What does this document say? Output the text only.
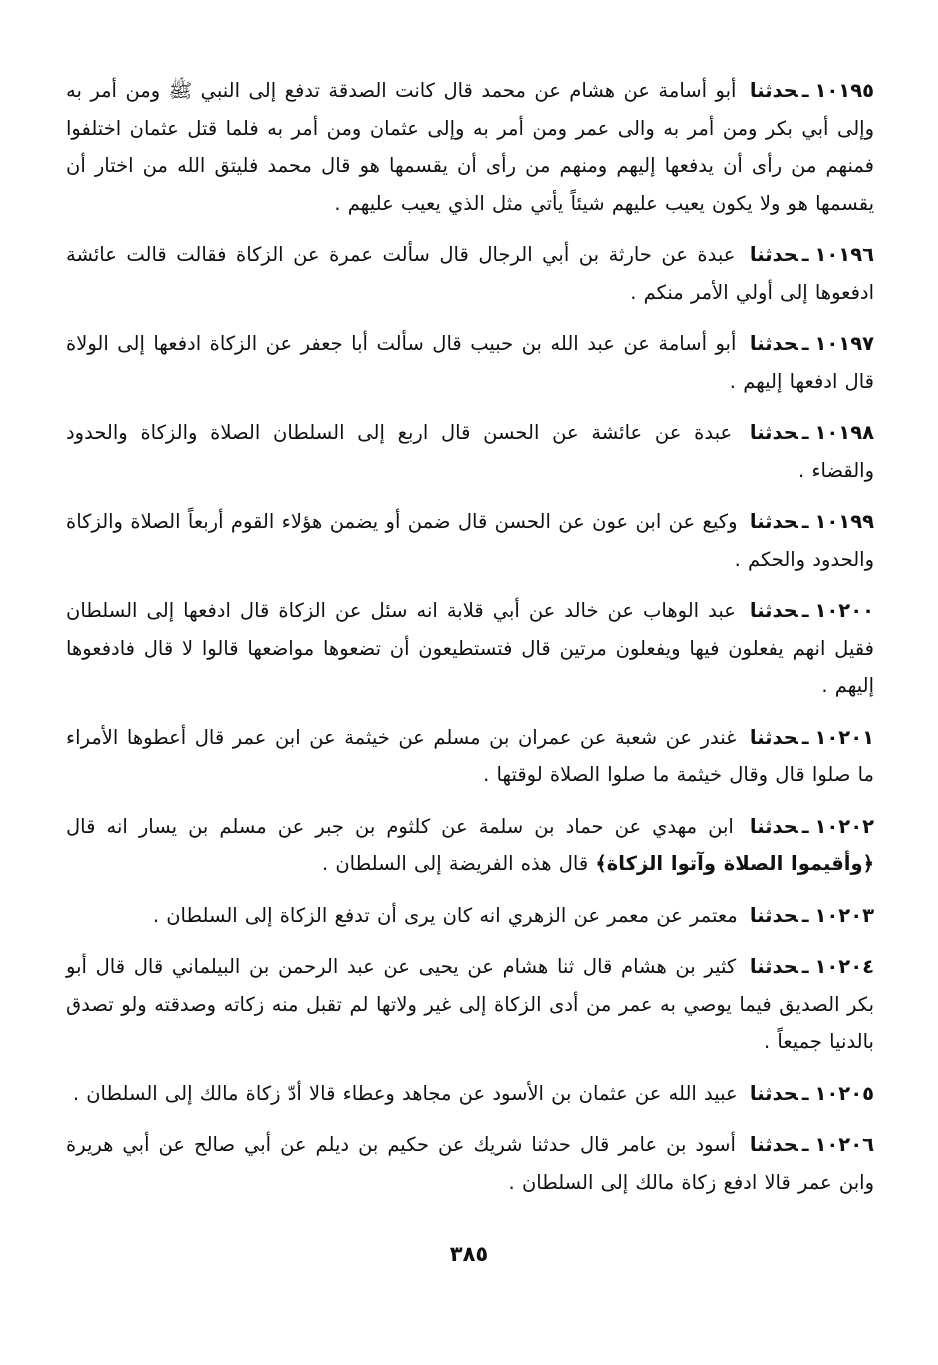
١٠١٩٥ـحدثنا أبو أسامة عن هشام عن محمد قال كانت الصدقة تدفع إلى النبي ﷺ ومن أمر به وإلى أبي بكر ومن أمر به والى عمر ومن أمر به وإلى عثمان ومن أمر به فلما قتل عثمان اختلفوا فمنهم من رأى أن يدفعها إليهم ومنهم من رأى أن يقسمها هو قال محمد فليتق الله من اختار أن يقسمها هو ولا يكون يعيب عليهم شيئاً يأتي مثل الذي يعيب عليهم .

١٠١٩٦ـحدثنا عبدة عن حارثة بن أبي الرجال قال سألت عمرة عن الزكاة فقالت قالت عائشة ادفعوها إلى أولي الأمر منكم .

١٠١٩٧ـحدثنا أبو أسامة عن عبد الله بن حبيب قال سألت أبا جعفر عن الزكاة ادفعها إلى الولاة قال ادفعها إليهم .

١٠١٩٨ـحدثنا عبدة عن عائشة عن الحسن قال اربع إلى السلطان الصلاة والزكاة والحدود والقضاء .

١٠١٩٩ـحدثنا وكيع عن ابن عون عن الحسن قال ضمن أو يضمن هؤلاء القوم أربعاً الصلاة والزكاة والحدود والحكم .

١٠٢٠٠ـحدثنا عبد الوهاب عن خالد عن أبي قلابة انه سئل عن الزكاة قال ادفعها إلى السلطان فقيل انهم يفعلون فيها ويفعلون مرتين قال فتستطيعون أن تضعوها مواضعها قالوا لا قال فادفعوها إليهم .

١٠٢٠١ـحدثنا غندر عن شعبة عن عمران بن مسلم عن خيثمة عن ابن عمر قال أعطوها الأمراء ما صلوا قال وقال خيثمة ما صلوا الصلاة لوقتها .

١٠٢٠٢ـحدثنا ابن مهدي عن حماد بن سلمة عن كلثوم بن جبر عن مسلم بن يسار انه قال ﴿وأقيموا الصلاة وآتوا الزكاة﴾ قال هذه الفريضة إلى السلطان .

١٠٢٠٣ـحدثنا معتمر عن معمر عن الزهري انه كان يرى أن تدفع الزكاة إلى السلطان .

١٠٢٠٤ـحدثنا كثير بن هشام قال ثنا هشام عن يحيى عن عبد الرحمن بن البيلماني قال قال أبو بكر الصديق فيما يوصي به عمر من أدى الزكاة إلى غير ولاتها لم تقبل منه زكاته وصدقته ولو تصدق بالدنيا جميعاً .

١٠٢٠٥ـحدثنا عبيد الله عن عثمان بن الأسود عن مجاهد وعطاء قالا أدّ زكاة مالك إلى السلطان .

١٠٢٠٦ـحدثنا أسود بن عامر قال حدثنا شريك عن حكيم بن ديلم عن أبي صالح عن أبي هريرة وابن عمر قالا ادفع زكاة مالك إلى السلطان .

٣٨٥
